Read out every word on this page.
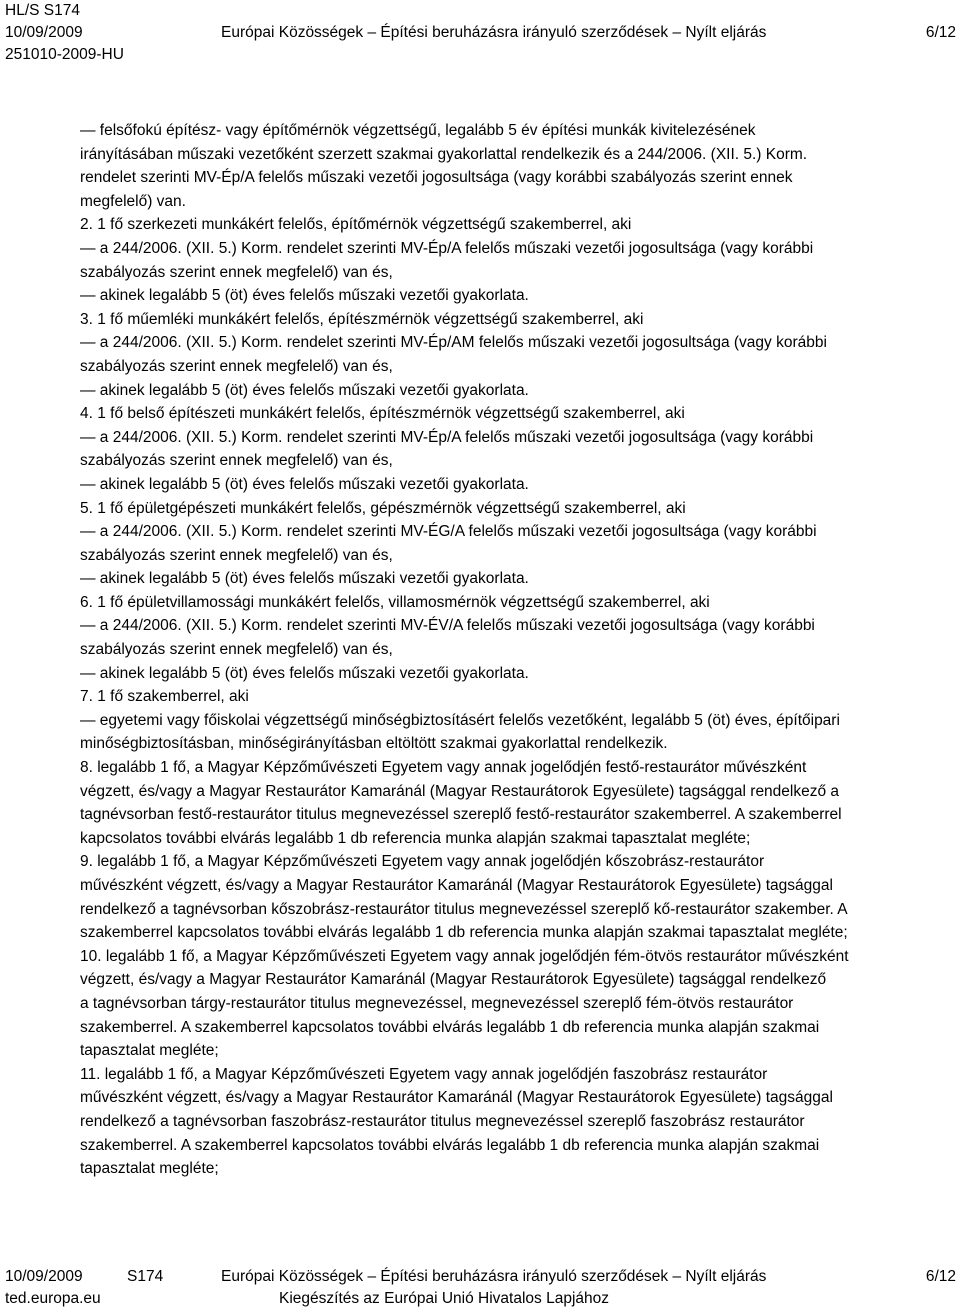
HL/S S174
10/09/2009	Európai Közösségek – Építési beruházásra irányuló szerződések – Nyílt eljárás	6/12
251010-2009-HU

— felsőfokú építész- vagy építőmérnök végzettségű, legalább 5 év építési munkák kivitelezésének

irányításában műszaki vezetőként szerzett szakmai gyakorlattal rendelkezik és a 244/2006. (XII. 5.) Korm.

rendelet szerinti MV-Ép/A felelős műszaki vezetői jogosultsága (vagy korábbi szabályozás szerint ennek

megfelelő) van.

2. 1 fő szerkezeti munkákért felelős, építőmérnök végzettségű szakemberrel, aki

— a 244/2006. (XII. 5.) Korm. rendelet szerinti MV-Ép/A felelős műszaki vezetői jogosultsága (vagy korábbi

szabályozás szerint ennek megfelelő) van és,

— akinek legalább 5 (öt) éves felelős műszaki vezetői gyakorlata.

3. 1 fő műemléki munkákért felelős, építészmérnök végzettségű szakemberrel, aki

— a 244/2006. (XII. 5.) Korm. rendelet szerinti MV-Ép/AM felelős műszaki vezetői jogosultsága (vagy korábbi

szabályozás szerint ennek megfelelő) van és,

— akinek legalább 5 (öt) éves felelős műszaki vezetői gyakorlata.

4. 1 fő belső építészeti munkákért felelős, építészmérnök végzettségű szakemberrel, aki

— a 244/2006. (XII. 5.) Korm. rendelet szerinti MV-Ép/A felelős műszaki vezetői jogosultsága (vagy korábbi

szabályozás szerint ennek megfelelő) van és,

— akinek legalább 5 (öt) éves felelős műszaki vezetői gyakorlata.

5. 1 fő épületgépészeti munkákért felelős, gépészmérnök végzettségű szakemberrel, aki

— a 244/2006. (XII. 5.) Korm. rendelet szerinti MV-ÉG/A felelős műszaki vezetői jogosultsága (vagy korábbi

szabályozás szerint ennek megfelelő) van és,

— akinek legalább 5 (öt) éves felelős műszaki vezetői gyakorlata.

6. 1 fő épületvillamossági munkákért felelős, villamosmérnök végzettségű szakemberrel, aki

— a 244/2006. (XII. 5.) Korm. rendelet szerinti MV-ÉV/A felelős műszaki vezetői jogosultsága (vagy korábbi

szabályozás szerint ennek megfelelő) van és,

— akinek legalább 5 (öt) éves felelős műszaki vezetői gyakorlata.

7. 1 fő szakemberrel, aki

— egyetemi vagy főiskolai végzettségű minőségbiztosításért felelős vezetőként, legalább 5 (öt) éves, építőipari

minőségbiztosításban, minőségirányításban eltöltött szakmai gyakorlattal rendelkezik.

8. legalább 1 fő, a Magyar Képzőművészeti Egyetem vagy annak jogelődjén festő-restaurátor művészként

végzett, és/vagy a Magyar Restaurátor Kamaránál (Magyar Restaurátorok Egyesülete) tagsággal rendelkező a

tagnévsorban festő-restaurátor titulus megnevezéssel szereplő festő-restaurátor szakemberrel. A szakemberrel

kapcsolatos további elvárás legalább 1 db referencia munka alapján szakmai tapasztalat megléte;

9. legalább 1 fő, a Magyar Képzőművészeti Egyetem vagy annak jogelődjén kőszobrász-restaurátor

művészként végzett, és/vagy a Magyar Restaurátor Kamaránál (Magyar Restaurátorok Egyesülete) tagsággal

rendelkező a tagnévsorban kőszobrász-restaurátor titulus megnevezéssel szereplő kő-restaurátor szakember. A

szakemberrel kapcsolatos további elvárás legalább 1 db referencia munka alapján szakmai tapasztalat megléte;

10. legalább 1 fő, a Magyar Képzőművészeti Egyetem vagy annak jogelődjén fém-ötvös restaurátor művészként

végzett, és/vagy a Magyar Restaurátor Kamaránál (Magyar Restaurátorok Egyesülete) tagsággal rendelkező

a tagnévsorban tárgy-restaurátor titulus megnevezéssel, megnevezéssel szereplő fém-ötvös restaurátor

szakemberrel. A szakemberrel kapcsolatos további elvárás legalább 1 db referencia munka alapján szakmai

tapasztalat megléte;

11. legalább 1 fő, a Magyar Képzőművészeti Egyetem vagy annak jogelődjén faszobrász restaurátor

művészként végzett, és/vagy a Magyar Restaurátor Kamaránál (Magyar Restaurátorok Egyesülete) tagsággal

rendelkező a tagnévsorban faszobrász-restaurátor titulus megnevezéssel szereplő faszobrász restaurátor

szakemberrel. A szakemberrel kapcsolatos további elvárás legalább 1 db referencia munka alapján szakmai

tapasztalat megléte;

10/09/2009	S174	Európai Közösségek – Építési beruházásra irányuló szerződések – Nyílt eljárás	6/12
ted.europa.eu	Kiegészítés az Európai Unió Hivatalos Lapjához
